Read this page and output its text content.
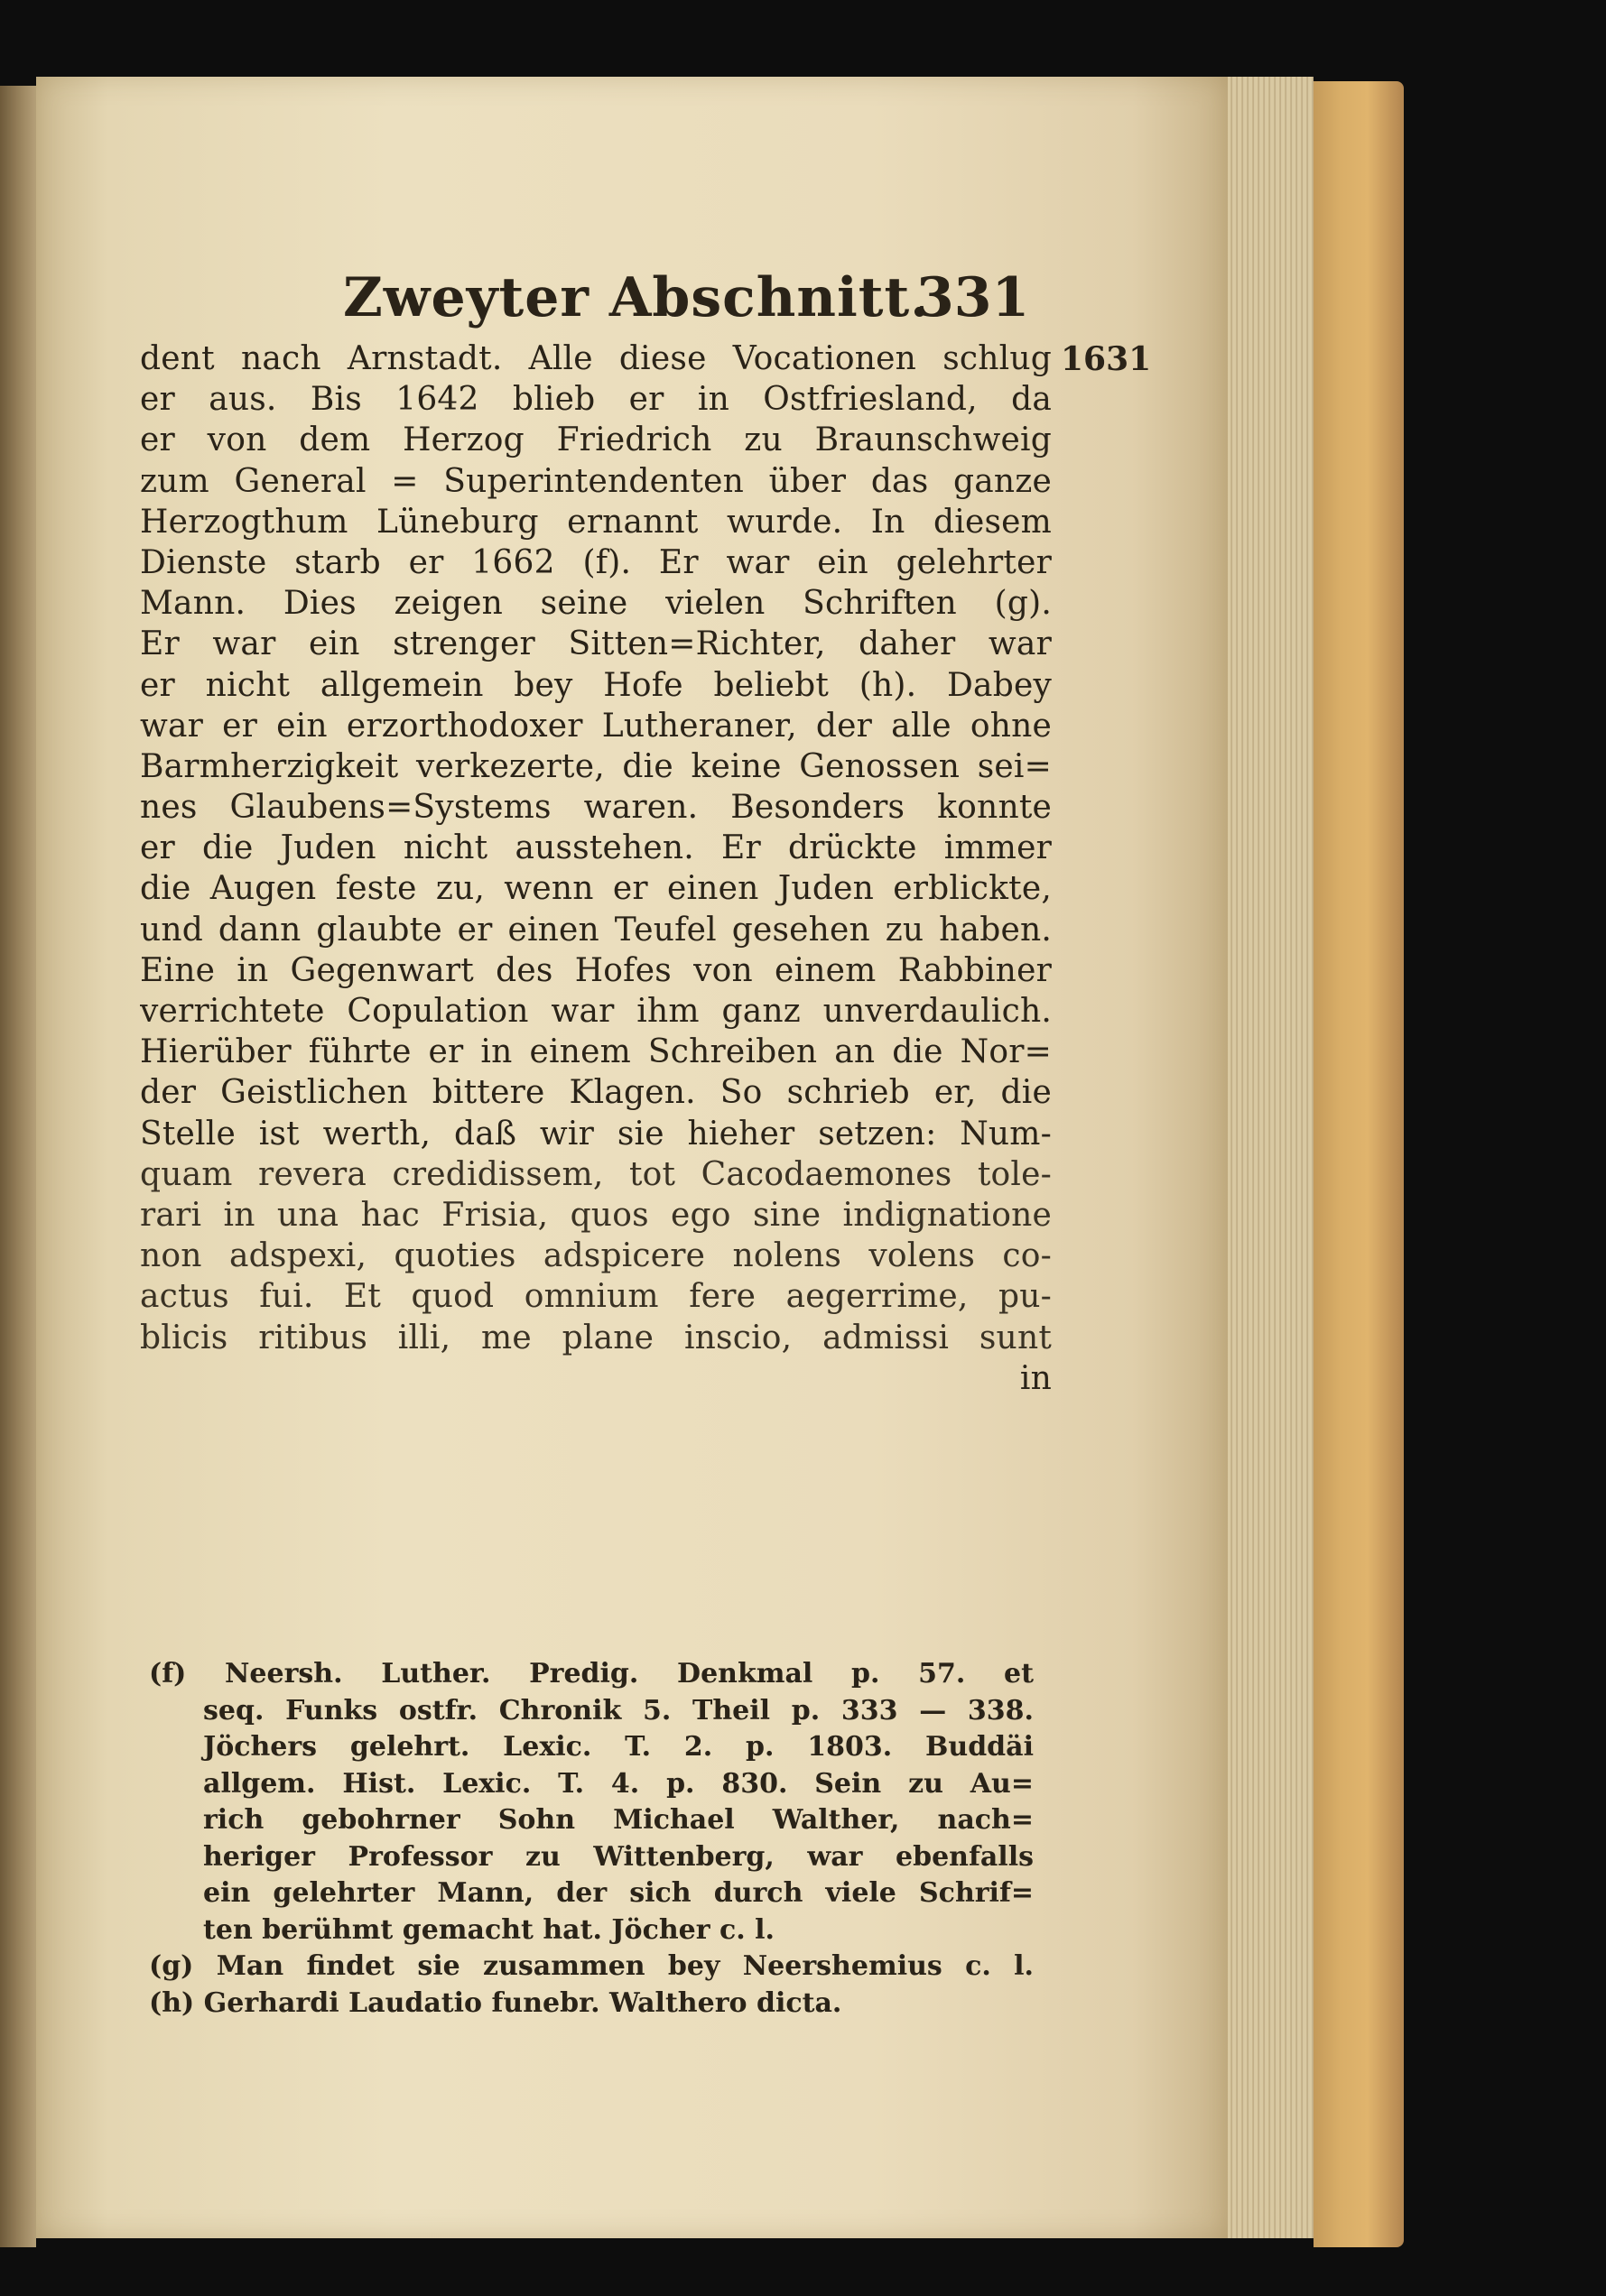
Zweyter Abschnitt.
331
1631
dent nach Arnstadt. Alle diese Vocationen schlug
er aus. Bis 1642 blieb er in Ostfriesland, da
er von dem Herzog Friedrich zu Braunschweig
zum General = Superintendenten über das ganze
Herzogthum Lüneburg ernannt wurde. In diesem
Dienste starb er 1662 (f). Er war ein gelehrter
Mann. Dies zeigen seine vielen Schriften (g).
Er war ein strenger Sitten=Richter, daher war
er nicht allgemein bey Hofe beliebt (h). Dabey
war er ein erzorthodoxer Lutheraner, der alle ohne
Barmherzigkeit verkezerte, die keine Genossen sei=
nes Glaubens=Systems waren. Besonders konnte
er die Juden nicht ausstehen. Er drückte immer
die Augen feste zu, wenn er einen Juden erblickte,
und dann glaubte er einen Teufel gesehen zu haben.
Eine in Gegenwart des Hofes von einem Rabbiner
verrichtete Copulation war ihm ganz unverdaulich.
Hierüber führte er in einem Schreiben an die Nor=
der Geistlichen bittere Klagen. So schrieb er, die
Stelle ist werth, daß wir sie hieher setzen: Num-
quam revera credidissem, tot Cacodaemones tole-
rari in una hac Frisia, quos ego sine indignatione
non adspexi, quoties adspicere nolens volens co-
actus fui. Et quod omnium fere aegerrime, pu-
blicis ritibus illi, me plane inscio, admissi sunt
in
(f) Neersh. Luther. Predig. Denkmal p. 57. et
seq. Funks ostfr. Chronik 5. Theil p. 333 — 338.
Jöchers gelehrt. Lexic. T. 2. p. 1803. Buddäi
allgem. Hist. Lexic. T. 4. p. 830. Sein zu Au=
rich gebohrner Sohn Michael Walther, nach=
heriger Professor zu Wittenberg, war ebenfalls
ein gelehrter Mann, der sich durch viele Schrif=
ten berühmt gemacht hat. Jöcher c. l.
(g) Man findet sie zusammen bey Neershemius c. l.
(h) Gerhardi Laudatio funebr. Walthero dicta.
